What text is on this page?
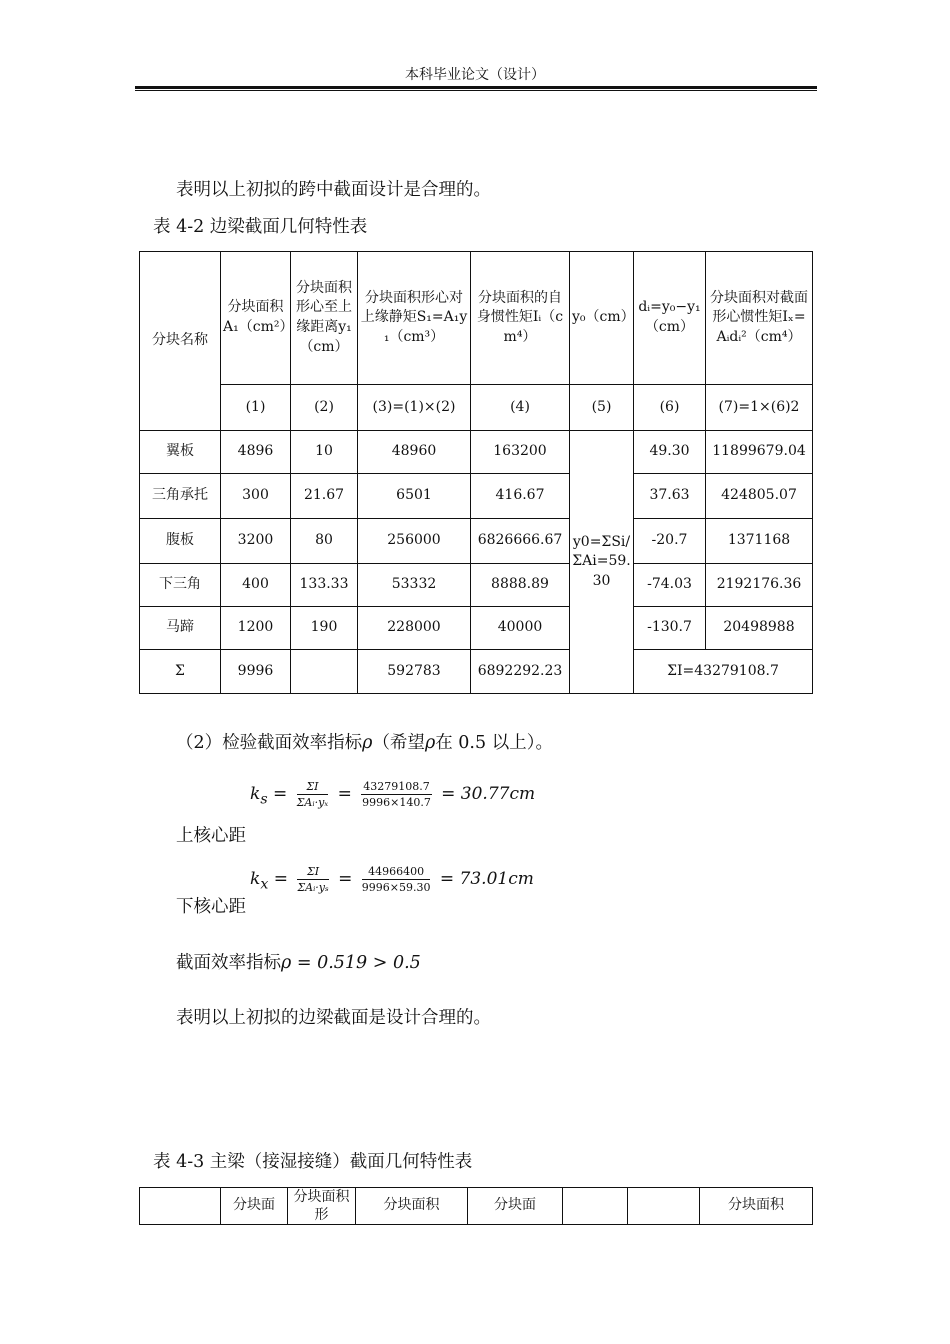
本科毕业论文（设计）
表明以上初拟的跨中截面设计是合理的。
表 4-2 边梁截面几何特性表
分块名称	分块面积A₁（cm²）	分块面积形心至上缘距离y₁（cm）	分块面积形心对上缘静矩S₁=A₁y₁（cm³）	分块面积的自身惯性矩Iᵢ（cm⁴）	y₀（cm）	dᵢ=y₀−y₁（cm）	分块面积对截面形心惯性矩Iₓ=Aᵢdᵢ²（cm⁴）
	(1)	(2)	(3)=(1)×(2)	(4)	(5)	(6)	(7)=1×(6)2
翼板	4896	10	48960	163200	y0=ΣSi/ΣAi=59.30	49.30	11899679.04
三角承托	300	21.67	6501	416.67		37.63	424805.07
腹板	3200	80	256000	6826666.67		-20.7	1371168
下三角	400	133.33	53332	8888.89		-74.03	2192176.36
马蹄	1200	190	228000	40000		-130.7	20498988
Σ	9996		592783	6892292.23		ΣI=43279108.7	
（2）检验截面效率指标ρ（希望ρ在 0.5 以上）。
$k_s = \frac{\Sigma I}{\text{ΣAᵢ·yₓ}} = \frac{43279108.7}{9996\times 140.7} = 30.77cm$
上核心距
$k_x = \frac{\Sigma I}{\text{ΣAᵢ·yₛ}} = \frac{44966400}{9996\times 59.30} = 73.01cm$
下核心距
截面效率指标ρ = 0.519 > 0.5
表明以上初拟的边梁截面是设计合理的。
表 4-3 主梁（接湿接缝）截面几何特性表
	分块面	分块面积形	分块面积	分块面			分块面积
